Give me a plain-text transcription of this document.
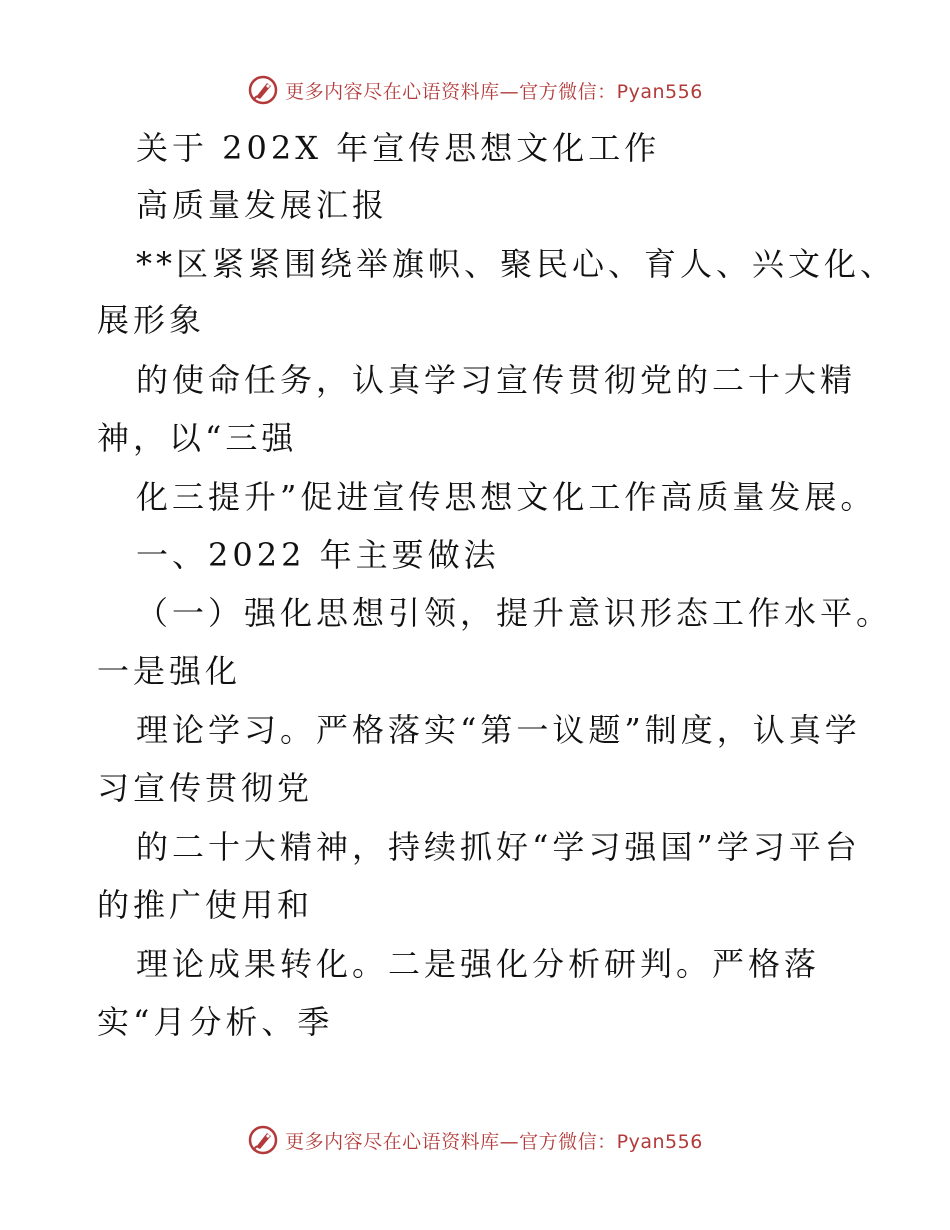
更多内容尽在心语资料库—官方微信：Pyan556
关于 202X 年宣传思想文化工作
高质量发展汇报
**区紧紧围绕举旗帜、聚民心、育人、兴文化、
展形象
的使命任务，认真学习宣传贯彻党的二十大精
神，以“三强
化三提升”促进宣传思想文化工作高质量发展。
一、2022 年主要做法
（一）强化思想引领，提升意识形态工作水平。
一是强化
理论学习。严格落实“第一议题”制度，认真学
习宣传贯彻党
的二十大精神，持续抓好“学习强国”学习平台
的推广使用和
理论成果转化。二是强化分析研判。严格落
实“月分析、季
更多内容尽在心语资料库—官方微信：Pyan556
